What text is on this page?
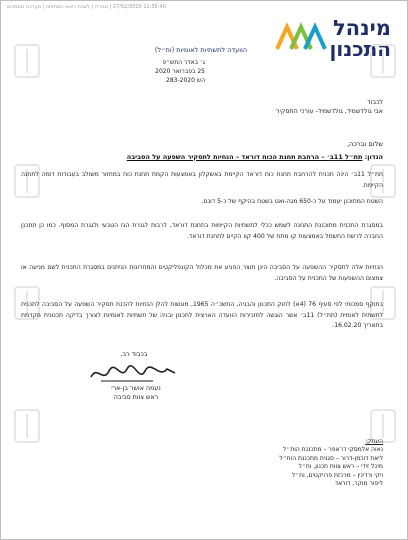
11:35:40 27/02/2020 | סבירה | לשכת ראשי המחוזות | מערכת מסמכים
מינהל
התכנון
הוועדה לתשתיות לאומיות (ות״ל)
ג׳ באדר התש״פ
25 בפברואר 2020
הש 283-2020
לכבוד
אבי גולדשמיד, גולדשמיד- עורכי התסקיר
שלום וברכה,
הנדון: תת״ל 11ב׳ – הרחבת תחנת הכוח דוראד – הנחיות לתסקיר השפעה על הסביבה
תת״ל 11ב׳ הינה תכנית להרחבת תחנת כוח דוראד הקיימת באשקלון באמצעות הקמת תחנת כוח במחזור משולב בעבודות דומה לתחנה הקיימת.
השטח המתוכנן יעמוד על כ-650 מגה-ואט בשטח בהיקף של כ-5 דונם.
במסגרת התכנית מתוכננת התחנה לשמש ככלי לתשתיות הקיימות בתחנת דוראד, לרבות לגנרת הגז הטבעי ולגגרת המסוף. כמו כן תתכנן החברה לרשת החשמל באמצעות קו מתח של 400 קוו הקיים לתחנת דוראד.
הנחיות אלה לתסקיר ההשפעה על הסביבה הינן תוצר הפגיע את מכלול הקונפליקטים והמחרונות הניתנים במסגרת התכנית לשם מניעה או צמצום ההשפעות של התכנית על הסביבה.
בתוקף סמכותי לפי סעיף 76 (4א) לחוק התכנון והבניה, התשכ״ה 1965, מוגשות להלן הנחיות להכנת תסקיר השפעה על הסביבה לתכנית לתשתית לאומית (תת״ל) 11ב׳ אשר הוגשה למזכירות הוועדה הארצית לתכנון ובניה של תשתיות לאומיות לצורך בדיקה תכנונית מקדמת בתאריך 16.02.20.
בכבוד רב,
נעמה אושר בן-ארי
ראש צוות סביבה
העתק:
נאוה אלמסקי דראפר – מתכננת הות״ל
ליאת דוכמן-דרור – סגנית מתכננת הות״ל
מיכל זידי – ראש צוות תכנון, ות״ל
ויקי ורדינין – מרכזת פרויקטים, ות״ל
ליפור מוקר, דוראד
